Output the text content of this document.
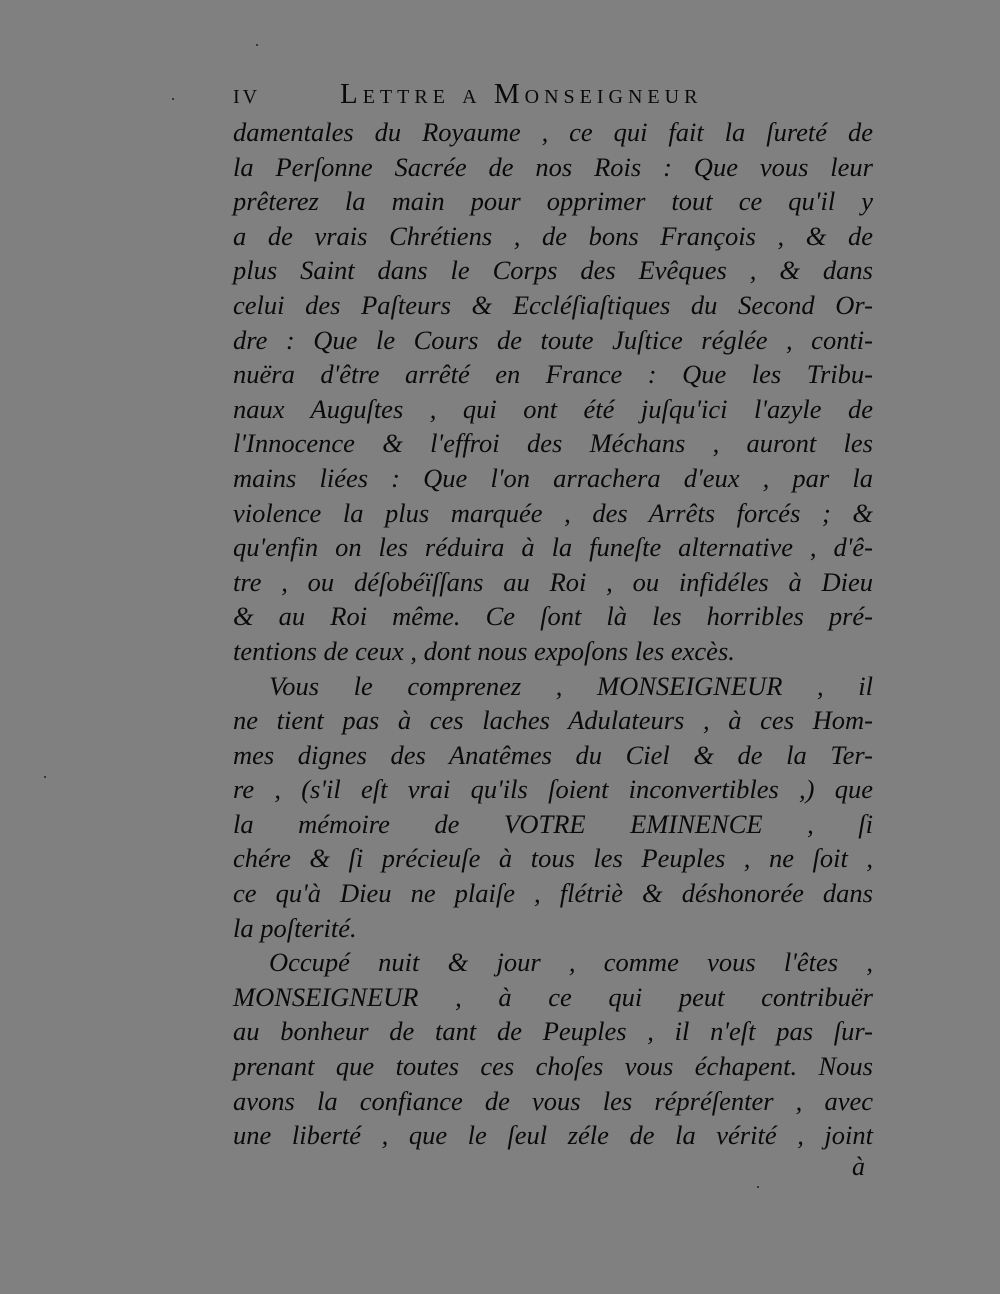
iv	Lettre a Monseigneur
damentales du Royaume , ce qui fait la ſureté de
la Perſonne Sacrée de nos Rois : Que vous leur
prêterez la main pour opprimer tout ce qu'il y
a de vrais Chrétiens , de bons François , & de
plus Saint dans le Corps des Evêques , & dans
celui des Paſteurs & Eccléſiaſtiques du Second Or-
dre : Que le Cours de toute Juſtice réglée , conti-
nuëra d'être arrêté en France : Que les Tribu-
naux Auguſtes , qui ont été juſqu'ici l'azyle de
l'Innocence & l'effroi des Méchans , auront les
mains liées : Que l'on arrachera d'eux , par la
violence la plus marquée , des Arrêts forcés ; &
qu'enfin on les réduira à la funeſte alternative , d'ê-
tre , ou déſobéïſſans au Roi , ou infidéles à Dieu
& au Roi même. Ce ſont là les horribles pré-
tentions de ceux , dont nous expoſons les excès.
Vous le comprenez , MONSEIGNEUR , il
ne tient pas à ces laches Adulateurs , à ces Hom-
mes dignes des Anatêmes du Ciel & de la Ter-
re , (s'il eſt vrai qu'ils ſoient inconvertibles ,) que
la mémoire de VOTRE EMINENCE , ſi
chére & ſi précieuſe à tous les Peuples , ne ſoit ,
ce qu'à Dieu ne plaiſe , flétriè & déshonorée dans
la poſterité.
Occupé nuit & jour , comme vous l'êtes ,
MONSEIGNEUR , à ce qui peut contribuër
au bonheur de tant de Peuples , il n'eſt pas ſur-
prenant que toutes ces choſes vous échapent. Nous
avons la confiance de vous les répréſenter , avec
une liberté , que le ſeul zéle de la vérité , joint
à
